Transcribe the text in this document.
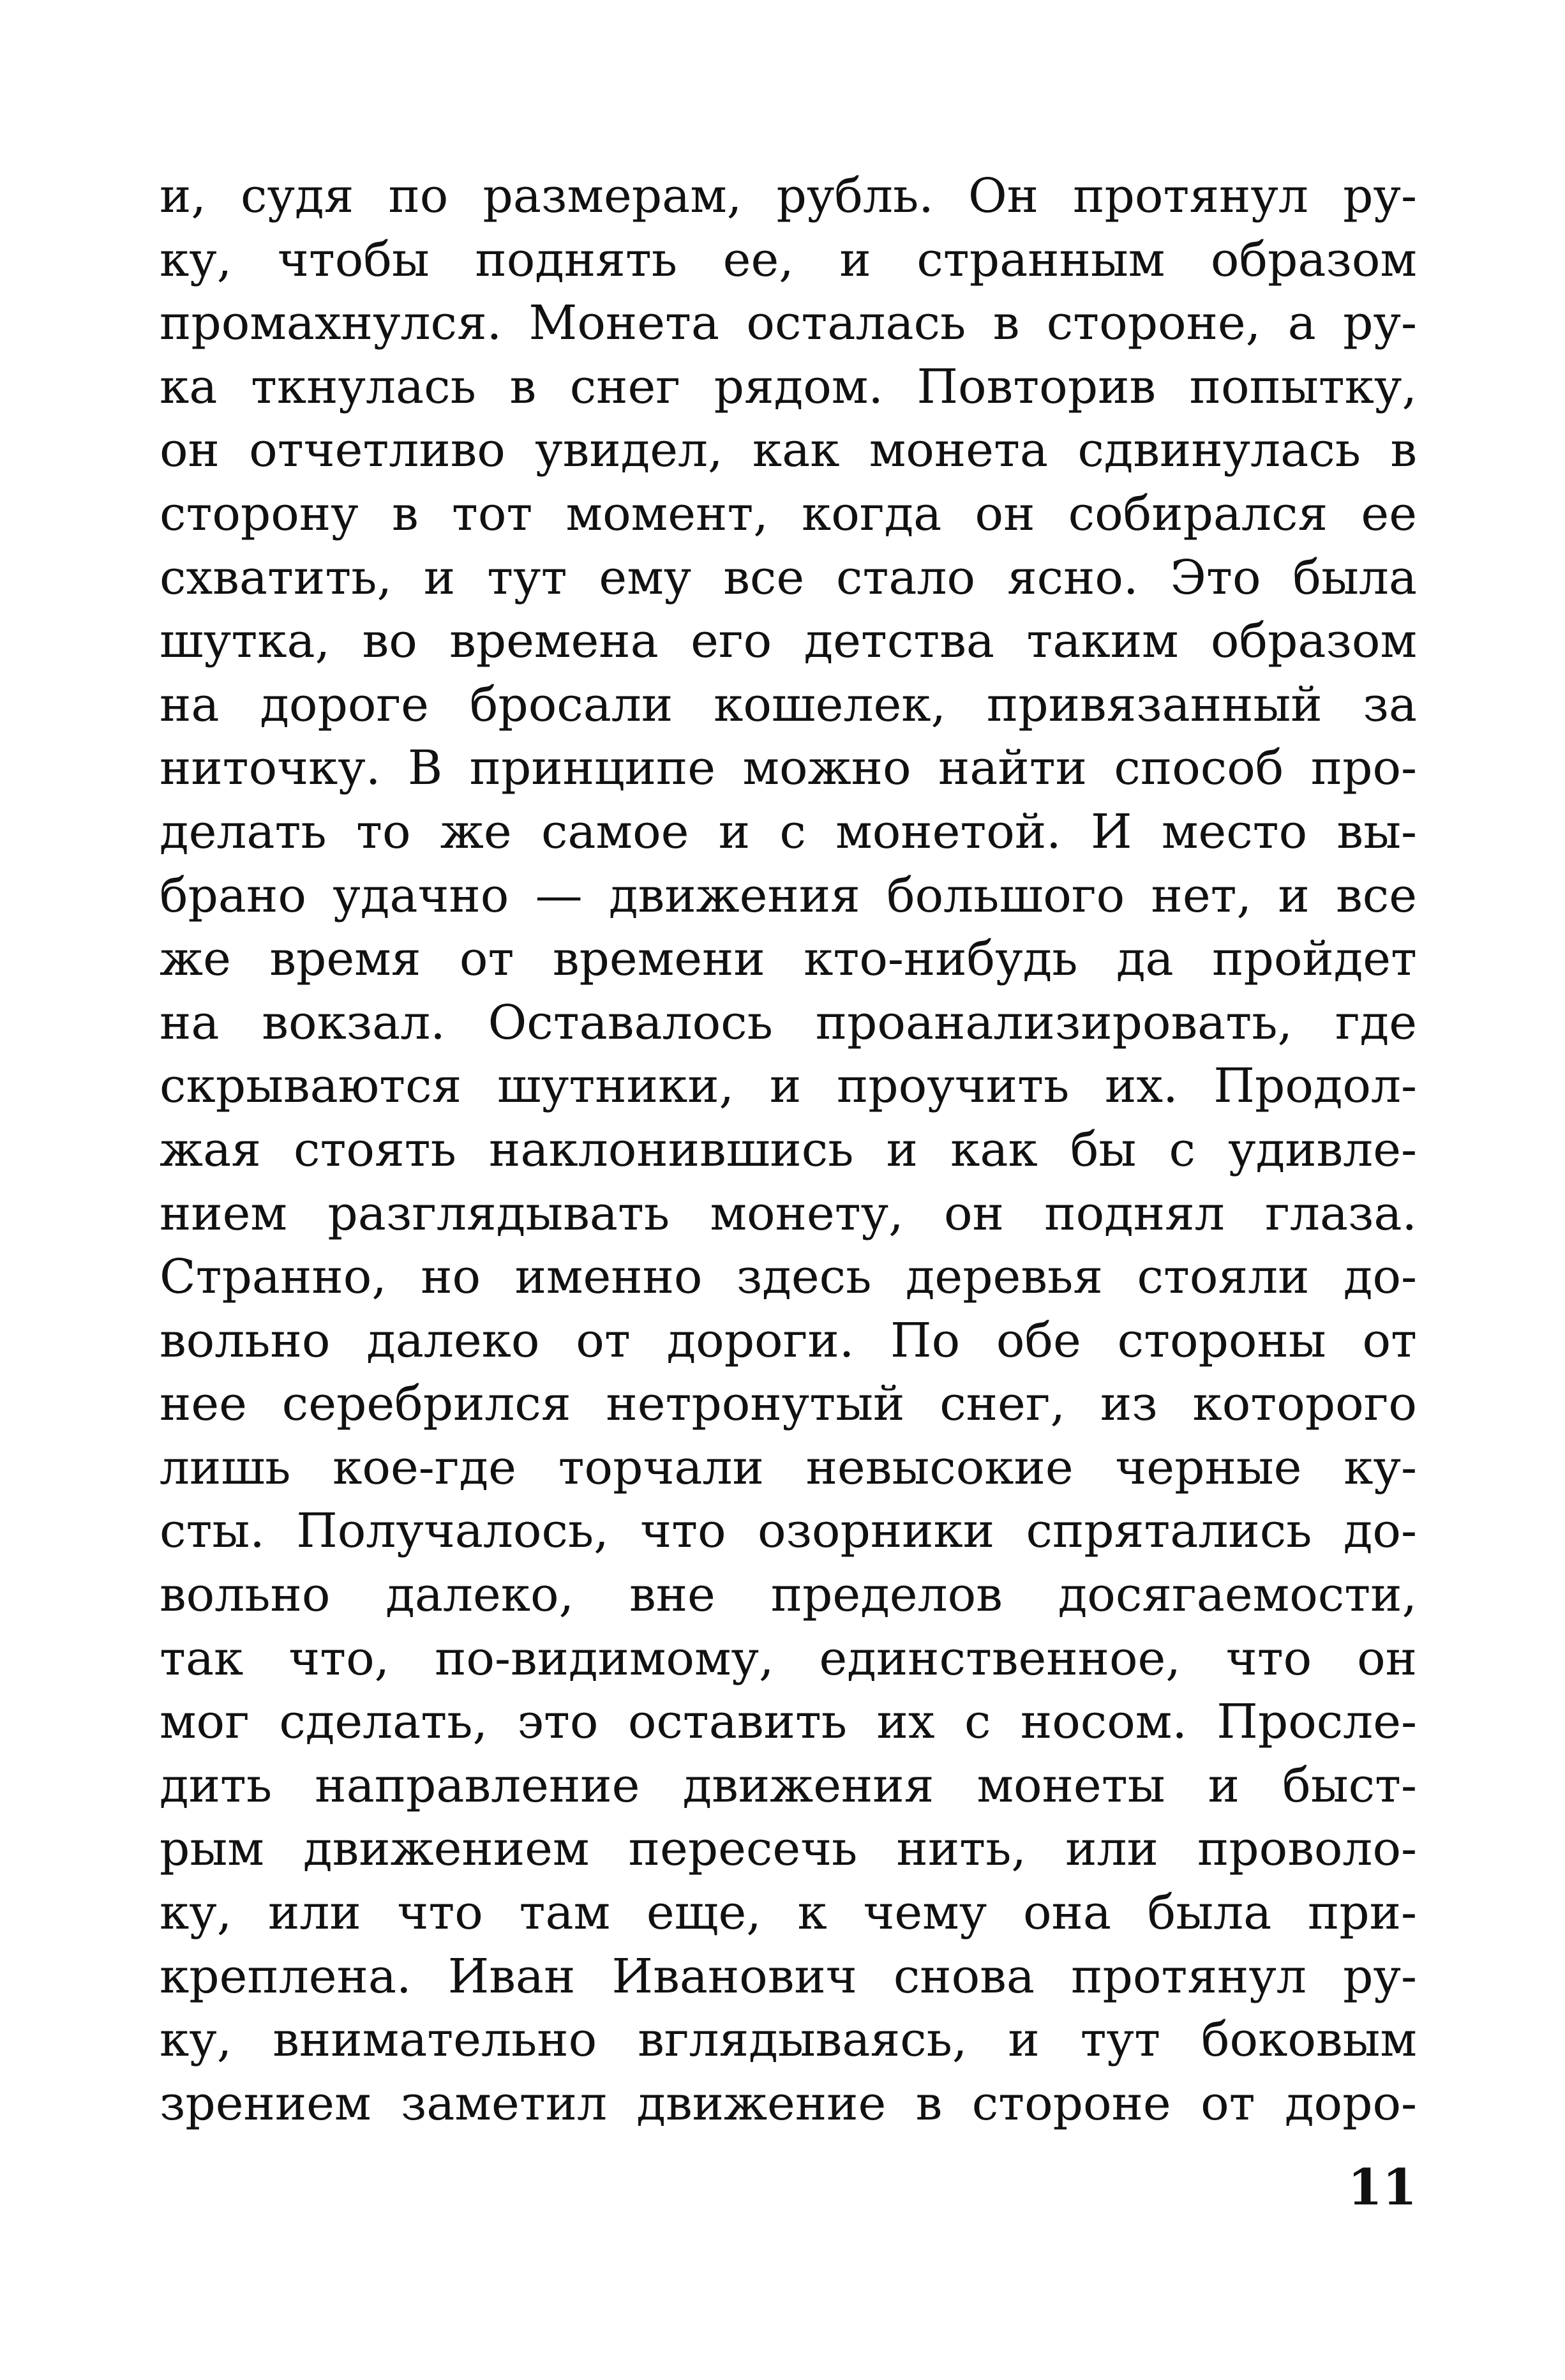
и, судя по размерам, рубль. Он протянул ру-
ку, чтобы поднять ее, и странным образом
промахнулся. Монета осталась в стороне, а ру-
ка ткнулась в снег рядом. Повторив попытку,
он отчетливо увидел, как монета сдвинулась в
сторону в тот момент, когда он собирался ее
схватить, и тут ему все стало ясно. Это была
шутка, во времена его детства таким образом
на дороге бросали кошелек, привязанный за
ниточку. В принципе можно найти способ про-
делать то же самое и с монетой. И место вы-
брано удачно — движения большого нет, и все
же время от времени кто-нибудь да пройдет
на вокзал. Оставалось проанализировать, где
скрываются шутники, и проучить их. Продол-
жая стоять наклонившись и как бы с удивле-
нием разглядывать монету, он поднял глаза.
Странно, но именно здесь деревья стояли до-
вольно далеко от дороги. По обе стороны от
нее серебрился нетронутый снег, из которого
лишь кое-где торчали невысокие черные ку-
сты. Получалось, что озорники спрятались до-
вольно далеко, вне пределов досягаемости,
так что, по-видимому, единственное, что он
мог сделать, это оставить их с носом. Просле-
дить направление движения монеты и быст-
рым движением пересечь нить, или проволо-
ку, или что там еще, к чему она была при-
креплена. Иван Иванович снова протянул ру-
ку, внимательно вглядываясь, и тут боковым
зрением заметил движение в стороне от доро-
11
